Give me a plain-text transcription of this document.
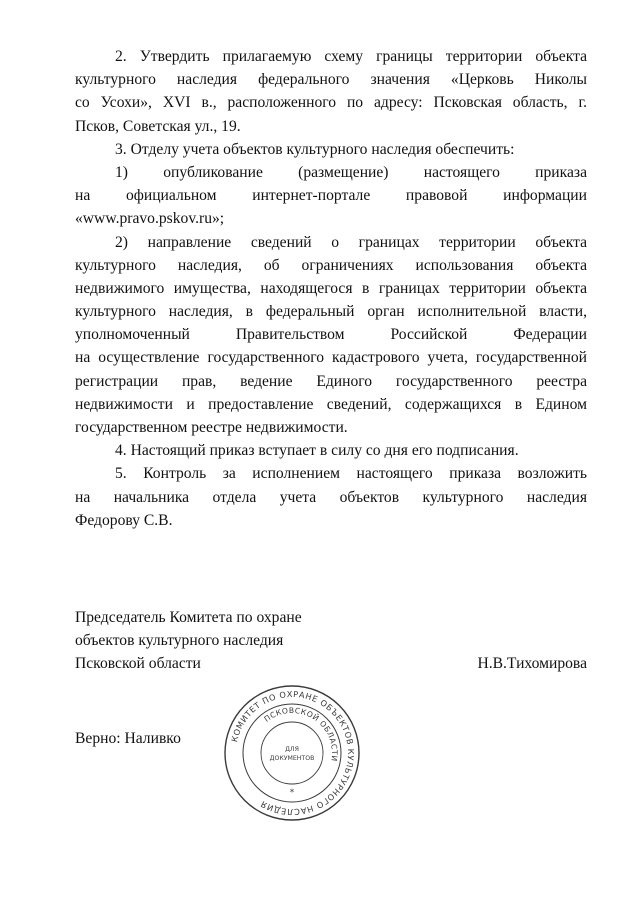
2. Утвердить прилагаемую схему границы территории объекта
культурного наследия федерального значения «Церковь Николы
со Усохи», XVI в., расположенного по адресу: Псковская область, г.
Псков, Советская ул., 19.
3. Отделу учета объектов культурного наследия обеспечить:
1) опубликование (размещение) настоящего приказа
на официальном интернет-портале правовой информации
«www.pravo.pskov.ru»;
2) направление сведений о границах территории объекта
культурного наследия, об ограничениях использования объекта
недвижимого имущества, находящегося в границах территории объекта
культурного наследия, в федеральный орган исполнительной власти,
уполномоченный Правительством Российской Федерации
на осуществление государственного кадастрового учета, государственной
регистрации прав, ведение Единого государственного реестра
недвижимости и предоставление сведений, содержащихся в Едином
государственном реестре недвижимости.
4. Настоящий приказ вступает в силу со дня его подписания.
5. Контроль за исполнением настоящего приказа возложить
на начальника отдела учета объектов культурного наследия
Федорову С.В.
Председатель Комитета по охране
объектов культурного наследия
Псковской области	Н.В.Тихомирова
Верно: Наливко	КОМИТЕТ ПО ОХРАНЕ ОБЪЕКТОВ КУЛЬТУРНОГО НАСЛЕДИЯ
ПСКОВСКОЙ ОБЛАСТИ
ДЛЯ
ДОКУМЕНТОВ
*
